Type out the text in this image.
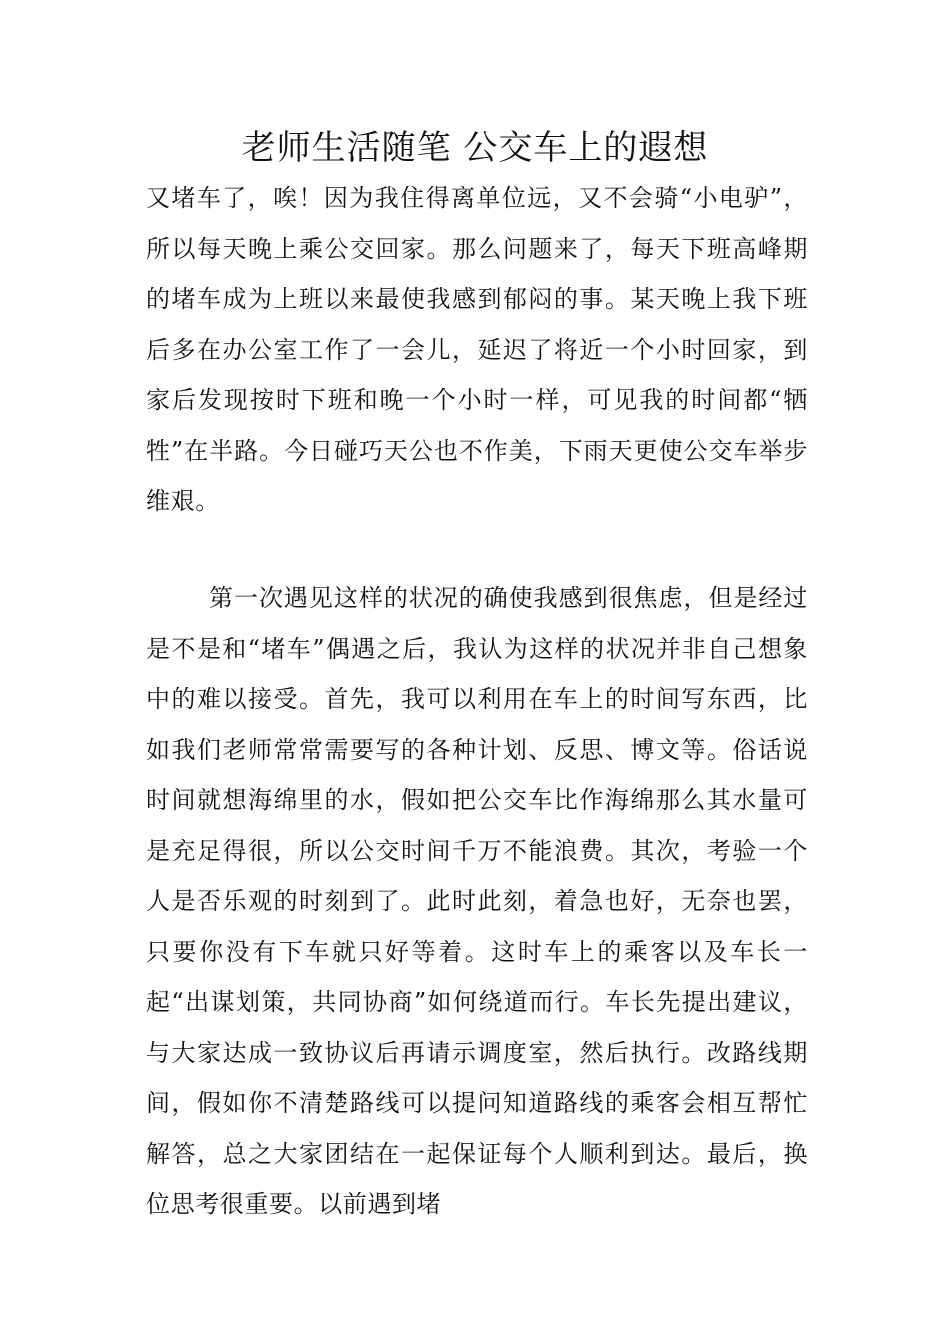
老师生活随笔 公交车上的遐想

又堵车了，唉！因为我住得离单位远，又不会骑“小电驴”，所以每天晚上乘公交回家。那么问题来了，每天下班高峰期的堵车成为上班以来最使我感到郁闷的事。某天晚上我下班后多在办公室工作了一会儿，延迟了将近一个小时回家，到家后发现按时下班和晚一个小时一样，可见我的时间都“牺牲”在半路。今日碰巧天公也不作美，下雨天更使公交车举步维艰。

第一次遇见这样的状况的确使我感到很焦虑，但是经过是不是和“堵车”偶遇之后，我认为这样的状况并非自己想象中的难以接受。首先，我可以利用在车上的时间写东西，比如我们老师常常需要写的各种计划、反思、博文等。俗话说时间就想海绵里的水，假如把公交车比作海绵那么其水量可是充足得很，所以公交时间千万不能浪费。其次，考验一个人是否乐观的时刻到了。此时此刻，着急也好，无奈也罢，只要你没有下车就只好等着。这时车上的乘客以及车长一起“出谋划策，共同协商”如何绕道而行。车长先提出建议，与大家达成一致协议后再请示调度室，然后执行。改路线期间，假如你不清楚路线可以提问知道路线的乘客会相互帮忙解答，总之大家团结在一起保证每个人顺利到达。最后，换位思考很重要。以前遇到堵
